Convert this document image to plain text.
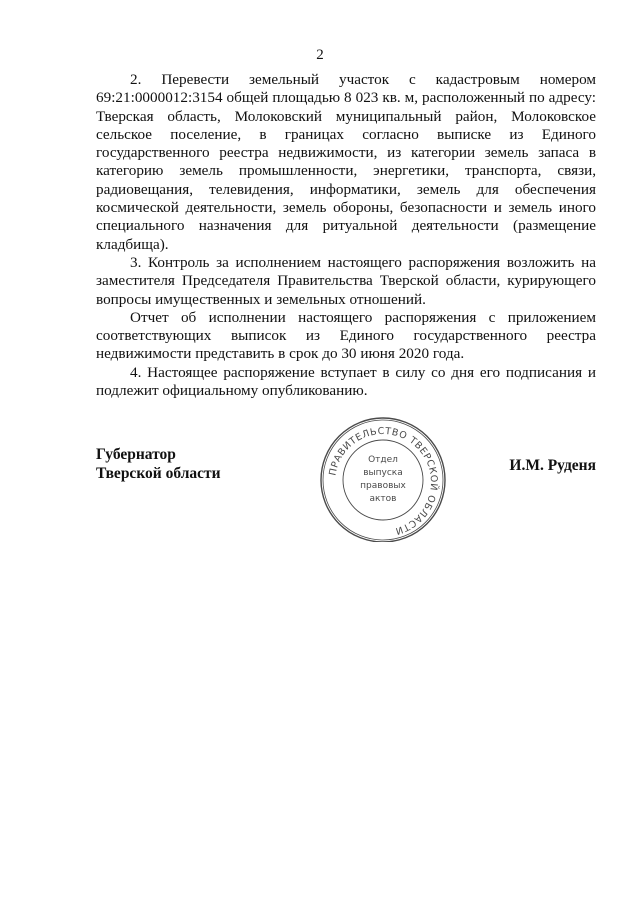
2

2. Перевести земельный участок с кадастровым номером 69:21:0000012:3154 общей площадью 8 023 кв. м, расположенный по адресу: Тверская область, Молоковский муниципальный район, Молоковское сельское поселение, в границах согласно выписке из Единого государственного реестра недвижимости, из категории земель запаса в категорию земель промышленности, энергетики, транспорта, связи, радиовещания, телевидения, информатики, земель для обеспечения космической деятельности, земель обороны, безопасности и земель иного специального назначения для ритуальной деятельности (размещение кладбища).

3. Контроль за исполнением настоящего распоряжения возложить на заместителя Председателя Правительства Тверской области, курирующего вопросы имущественных и земельных отношений.

Отчет об исполнении настоящего распоряжения с приложением соответствующих выписок из Единого государственного реестра недвижимости представить в срок до 30 июня 2020 года.

4. Настоящее распоряжение вступает в силу со дня его подписания и подлежит официальному опубликованию.

Губернатор
Тверской области	И.М. Руденя
ПРАВИТЕЛЬСТВО ТВЕРСКОЙ ОБЛАСТИ
Отдел
выпуска
правовых
актов
